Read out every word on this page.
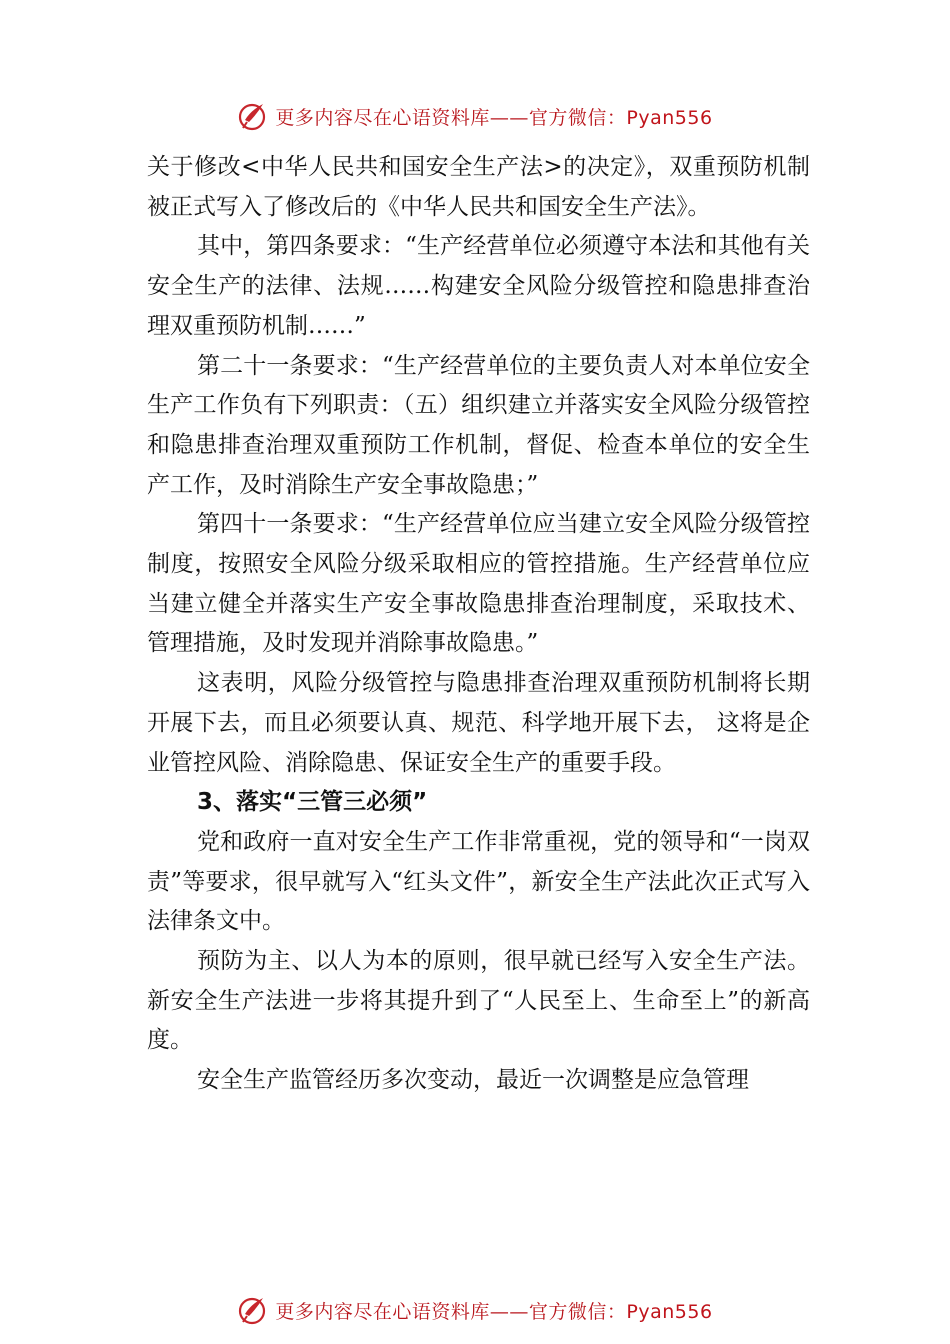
更多内容尽在心语资料库——官方微信：Pyan556

关于修改<中华人民共和国安全生产法>的决定》，双重预防机制被正式写入了修改后的《中华人民共和国安全生产法》。

其中，第四条要求：“生产经营单位必须遵守本法和其他有关安全生产的法律、法规……构建安全风险分级管控和隐患排查治理双重预防机制……”

第二十一条要求：“生产经营单位的主要负责人对本单位安全生产工作负有下列职责：（五）组织建立并落实安全风险分级管控和隐患排查治理双重预防工作机制，督促、检查本单位的安全生产工作，及时消除生产安全事故隐患；”

第四十一条要求：“生产经营单位应当建立安全风险分级管控制度，按照安全风险分级采取相应的管控措施。生产经营单位应当建立健全并落实生产安全事故隐患排查治理制度，采取技术、管理措施，及时发现并消除事故隐患。”

这表明，风险分级管控与隐患排查治理双重预防机制将长期开展下去，而且必须要认真、规范、科学地开展下去， 这将是企业管控风险、消除隐患、保证安全生产的重要手段。

3、落实“三管三必须”

党和政府一直对安全生产工作非常重视，党的领导和“一岗双责”等要求，很早就写入“红头文件”，新安全生产法此次正式写入法律条文中。

预防为主、以人为本的原则，很早就已经写入安全生产法。新安全生产法进一步将其提升到了“人民至上、生命至上”的新高度。

安全生产监管经历多次变动，最近一次调整是应急管理

更多内容尽在心语资料库——官方微信：Pyan556
